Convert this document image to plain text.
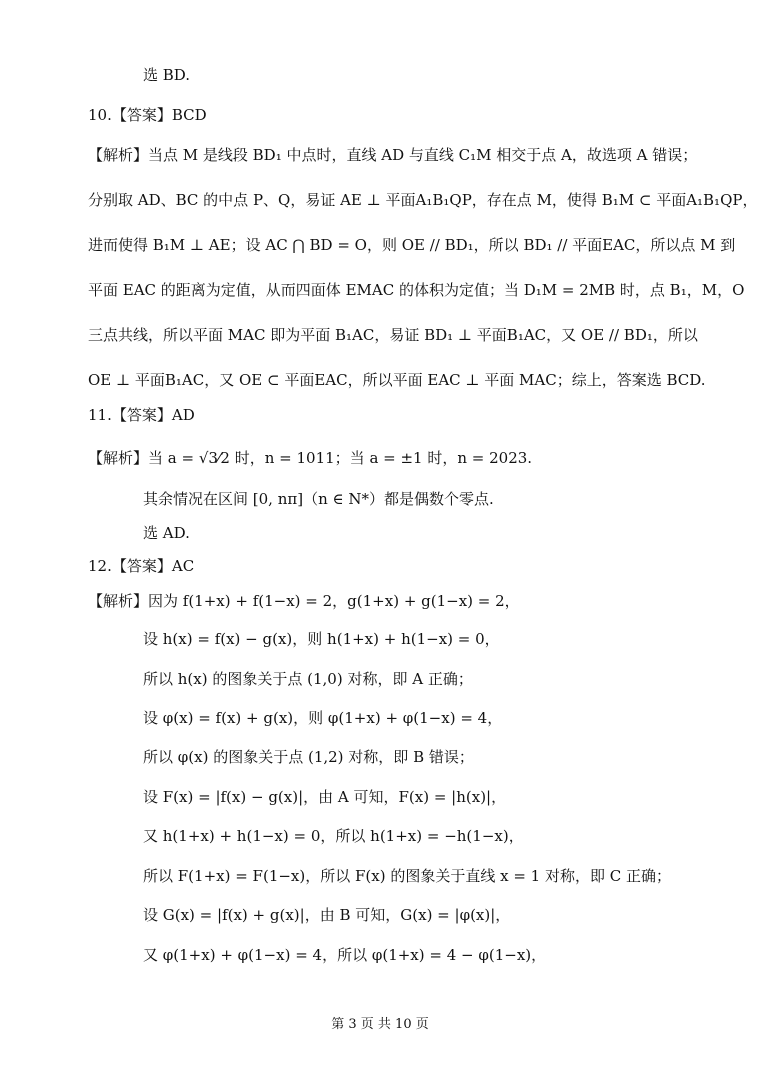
选 BD.
10.【答案】BCD
【解析】当点 M 是线段 BD₁ 中点时，直线 AD 与直线 C₁M 相交于点 A，故选项 A 错误；
分别取 AD、BC 的中点 P、Q，易证 AE ⊥ 平面A₁B₁QP，存在点 M，使得 B₁M ⊂ 平面A₁B₁QP，
进而使得 B₁M ⊥ AE；设 AC ⋂ BD = O，则 OE // BD₁，所以 BD₁ // 平面EAC，所以点 M 到
平面 EAC 的距离为定值，从而四面体 EMAC 的体积为定值；当 D₁M = 2MB 时，点 B₁，M，O
三点共线，所以平面 MAC 即为平面 B₁AC，易证 BD₁ ⊥ 平面B₁AC，又 OE // BD₁，所以
OE ⊥ 平面B₁AC，又 OE ⊂ 平面EAC，所以平面 EAC ⊥ 平面 MAC；综上，答案选 BCD.
11.【答案】AD
【解析】当 a = √3⁄2 时，n = 1011；当 a = ±1 时，n = 2023.
其余情况在区间 [0, nπ]（n ∈ N*）都是偶数个零点.
选 AD.
12.【答案】AC
【解析】因为 f(1+x) + f(1−x) = 2，g(1+x) + g(1−x) = 2，
设 h(x) = f(x) − g(x)，则 h(1+x) + h(1−x) = 0，
所以 h(x) 的图象关于点 (1,0) 对称，即 A 正确；
设 φ(x) = f(x) + g(x)，则 φ(1+x) + φ(1−x) = 4，
所以 φ(x) 的图象关于点 (1,2) 对称，即 B 错误；
设 F(x) = |f(x) − g(x)|，由 A 可知，F(x) = |h(x)|，
又 h(1+x) + h(1−x) = 0，所以 h(1+x) = −h(1−x)，
所以 F(1+x) = F(1−x)，所以 F(x) 的图象关于直线 x = 1 对称，即 C 正确；
设 G(x) = |f(x) + g(x)|，由 B 可知，G(x) = |φ(x)|，
又 φ(1+x) + φ(1−x) = 4，所以 φ(1+x) = 4 − φ(1−x)，
第 3 页 共 10 页
